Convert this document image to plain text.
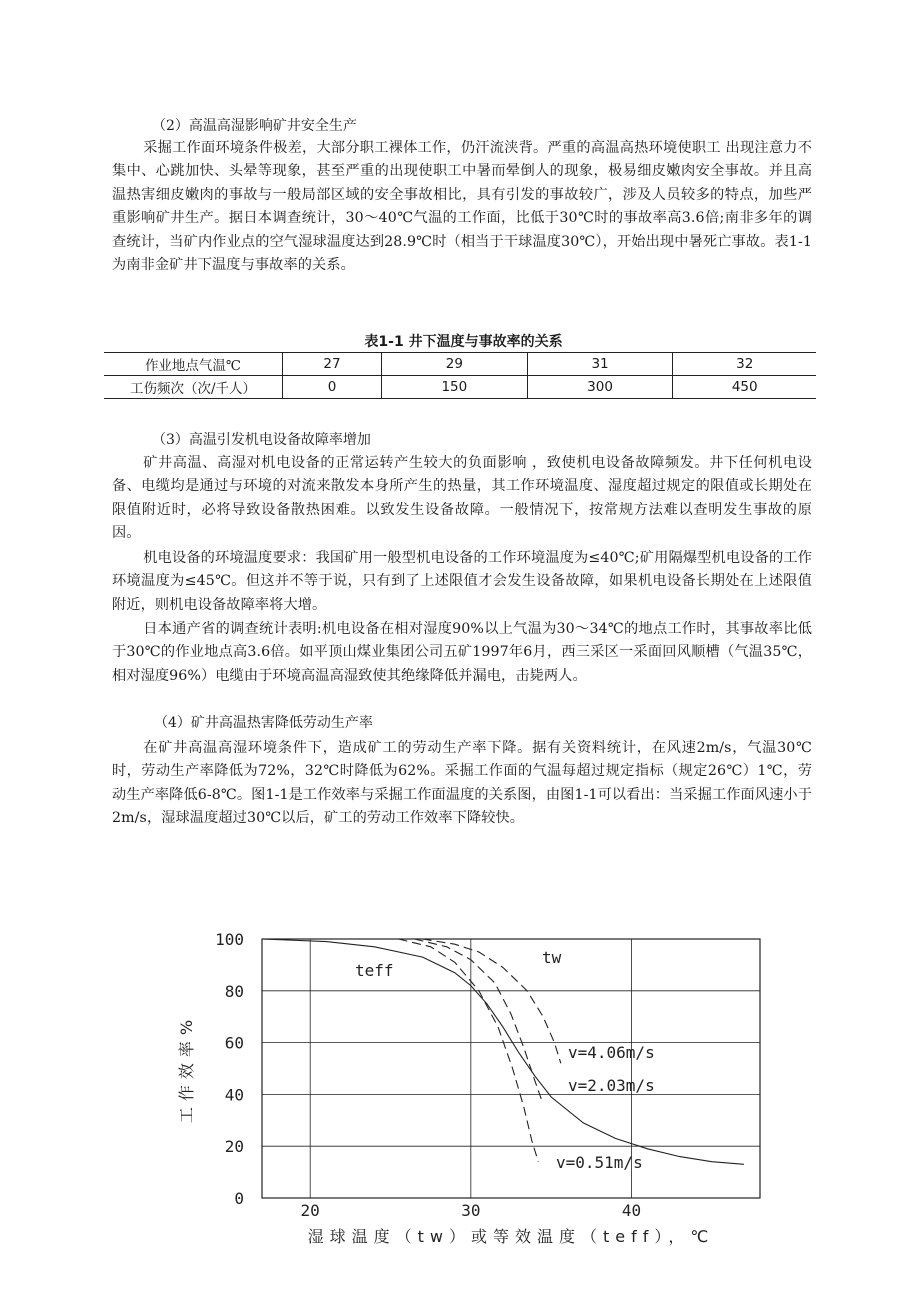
（2）高温高湿影响矿井安全生产
采掘工作面环境条件极差，大部分职工裸体工作，仍汗流浃背。严重的高温高热环境使职工 出现注意力不集中、心跳加快、头晕等现象，甚至严重的出现使职工中暑而晕倒人的现象，极易细皮嫩肉安全事故。并且高温热害细皮嫩肉的事故与一般局部区域的安全事故相比，具有引发的事故较广，涉及人员较多的特点，加些严重影响矿井生产。据日本调查统计，30～40℃气温的工作面，比低于30℃时的事故率高3.6倍;南非多年的调查统计，当矿内作业点的空气湿球温度达到28.9℃时（相当于干球温度30℃），开始出现中暑死亡事故。表1-1为南非金矿井下温度与事故率的关系。
表1-1 井下温度与事故率的关系
作业地点气温℃	27	29	31	32
工伤频次（次/千人）	0	150	300	450
（3）高温引发机电设备故障率增加
矿井高温、高湿对机电设备的正常运转产生较大的负面影响 ，致使机电设备故障频发。井下任何机电设备、电缆均是通过与环境的对流来散发本身所产生的热量，其工作环境温度、湿度超过规定的限值或长期处在限值附近时，必将导致设备散热困难。以致发生设备故障。一般情况下，按常规方法难以查明发生事故的原因。
机电设备的环境温度要求：我国矿用一般型机电设备的工作环境温度为≤40℃;矿用隔爆型机电设备的工作环境温度为≤45℃。但这并不等于说，只有到了上述限值才会发生设备故障，如果机电设备长期处在上述限值附近，则机电设备故障率将大增。
日本通产省的调查统计表明:机电设备在相对湿度90%以上气温为30～34℃的地点工作时，其事故率比低于30℃的作业地点高3.6倍。如平顶山煤业集团公司五矿1997年6月，西三采区一采面回风顺槽（气温35℃，相对湿度96%）电缆由于环境高温高湿致使其绝缘降低并漏电，击毙两人。
（4）矿井高温热害降低劳动生产率
在矿井高温高湿环境条件下，造成矿工的劳动生产率下降。据有关资料统计，在风速2m/s，气温30℃时，劳动生产率降低为72%，32℃时降低为62%。采掘工作面的气温每超过规定指标（规定26℃）1℃，劳动生产率降低6-8℃。图1-1是工作效率与采掘工作面温度的关系图，由图1-1可以看出：当采掘工作面风速小于2m/s，湿球温度超过30℃以后，矿工的劳动工作效率下降较快。
0
20
40
60
80
100
20	30	40
teff
tw
v=4.06m/s
v=2.03m/s
v=0.51m/s
工作效率%
湿球温度（tw）或等效温度（teff），℃
